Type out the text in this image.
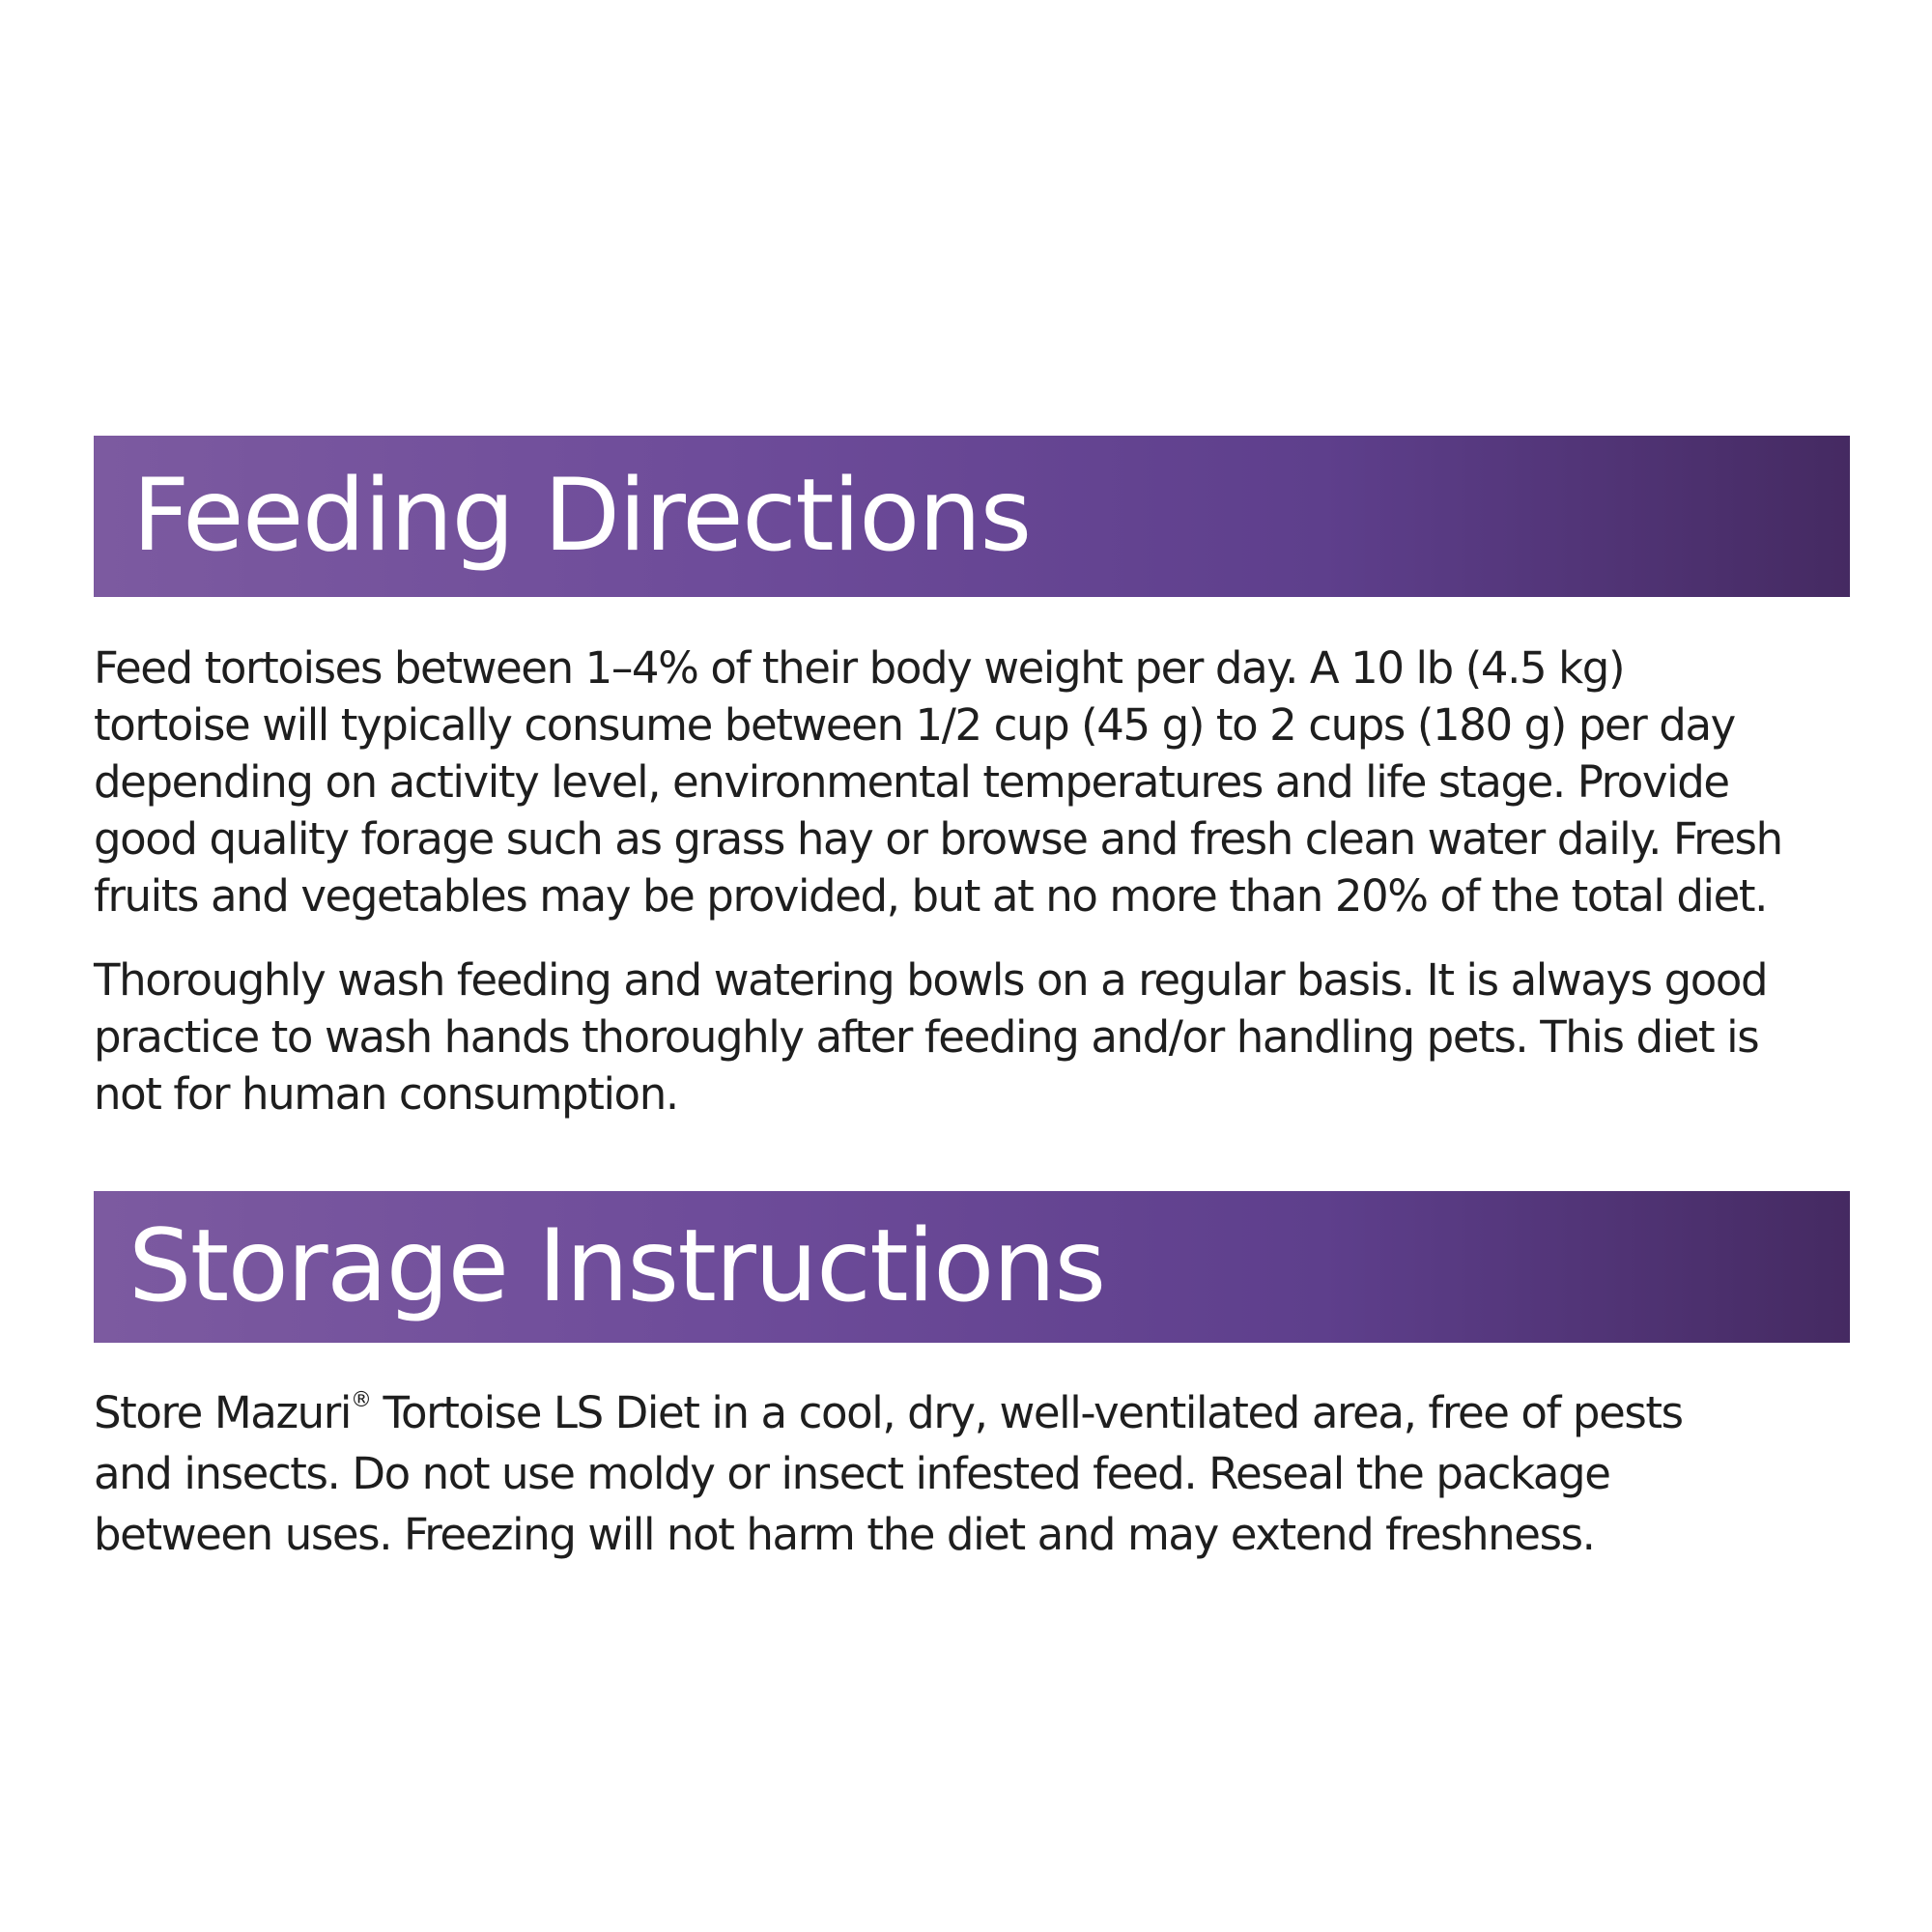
Feeding Directions

Feed tortoises between 1–4% of their body weight per day. A 10 lb (4.5 kg)
tortoise will typically consume between 1/2 cup (45 g) to 2 cups (180 g) per day
depending on activity level, environmental temperatures and life stage. Provide
good quality forage such as grass hay or browse and fresh clean water daily. Fresh
fruits and vegetables may be provided, but at no more than 20% of the total diet.

Thoroughly wash feeding and watering bowls on a regular basis. It is always good
practice to wash hands thoroughly after feeding and/or handling pets. This diet is
not for human consumption.

Storage Instructions

Store Mazuri® Tortoise LS Diet in a cool, dry, well-ventilated area, free of pests
and insects. Do not use moldy or insect infested feed. Reseal the package
between uses. Freezing will not harm the diet and may extend freshness.
